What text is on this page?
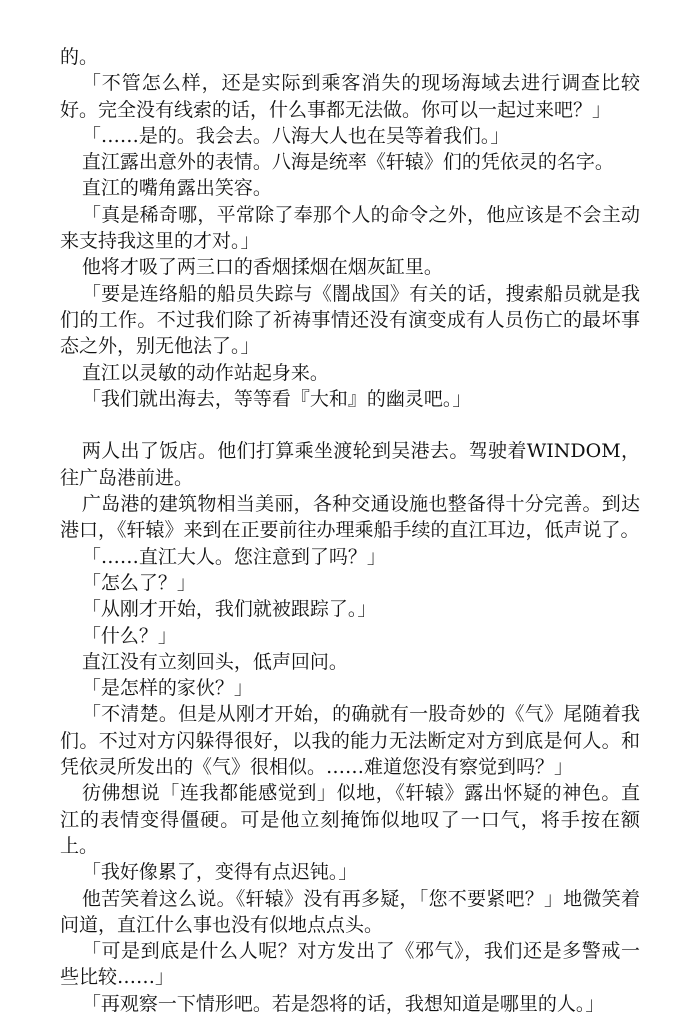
的。

「不管怎么样，还是实际到乘客消失的现场海域去进行调查比较好。完全没有线索的话，什么事都无法做。你可以一起过来吧？」

「……是的。我会去。八海大人也在吴等着我们。」

直江露出意外的表情。八海是统率《轩辕》们的凭依灵的名字。

直江的嘴角露出笑容。

「真是稀奇哪，平常除了奉那个人的命令之外，他应该是不会主动来支持我这里的才对。」

他将才吸了两三口的香烟揉烟在烟灰缸里。

「要是连络船的船员失踪与《闇战国》有关的话，搜索船员就是我们的工作。不过我们除了祈祷事情还没有演变成有人员伤亡的最坏事态之外，别无他法了。」

直江以灵敏的动作站起身来。

「我们就出海去，等等看『大和』的幽灵吧。」

两人出了饭店。他们打算乘坐渡轮到吴港去。驾驶着WINDOM，往广岛港前进。

广岛港的建筑物相当美丽，各种交通设施也整备得十分完善。到达港口，《轩辕》来到在正要前往办理乘船手续的直江耳边，低声说了。

「……直江大人。您注意到了吗？」

「怎么了？」

「从刚才开始，我们就被跟踪了。」

「什么？」

直江没有立刻回头，低声回问。

「是怎样的家伙？」

「不清楚。但是从刚才开始，的确就有一股奇妙的《气》尾随着我们。不过对方闪躲得很好，以我的能力无法断定对方到底是何人。和凭依灵所发出的《气》很相似。……难道您没有察觉到吗？」

彷佛想说「连我都能感觉到」似地，《轩辕》露出怀疑的神色。直江的表情变得僵硬。可是他立刻掩饰似地叹了一口气，将手按在额上。

「我好像累了，变得有点迟钝。」

他苦笑着这么说。《轩辕》没有再多疑，「您不要紧吧？」地微笑着问道，直江什么事也没有似地点点头。

「可是到底是什么人呢？对方发出了《邪气》，我们还是多警戒一些比较……」

「再观察一下情形吧。若是怨将的话，我想知道是哪里的人。」
